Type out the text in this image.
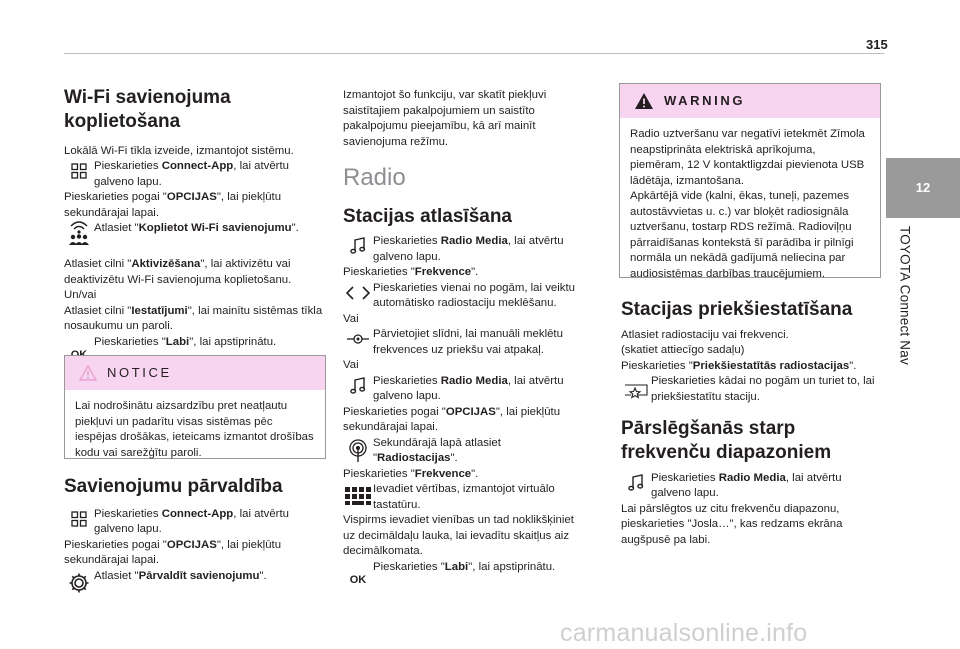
315
12
TOYOTA Connect Nav
Wi-Fi savienojuma
koplietošana

Lokālā Wi-Fi tīkla izveide, izmantojot sistēmu.

Pieskarieties Connect-App, lai atvērtu galveno lapu.

Pieskarieties pogai "OPCIJAS", lai piekļūtu sekundārajai lapai.

Atlasiet "Koplietot Wi-Fi savienojumu".

Atlasiet cilni "Aktivizēšana", lai aktivizētu vai deaktivizētu Wi-Fi savienojuma koplietošanu.

Un/vai

Atlasiet cilni "Iestatījumi", lai mainītu sistēmas tīkla nosaukumu un paroli.

Pieskarieties "Labi", lai apstiprinātu.

NOTICE
Lai nodrošinātu aizsardzību pret neatļautu piekļuvi un padarītu visas sistēmas pēc iespējas drošākas, ieteicams izmantot drošības kodu vai sarežģītu paroli.
Savienojumu pārvaldība

Pieskarieties Connect-App, lai atvērtu galveno lapu.

Pieskarieties pogai "OPCIJAS", lai piekļūtu sekundārajai lapai.

Atlasiet "Pārvaldīt savienojumu".

Izmantojot šo funkciju, var skatīt piekļuvi saistītajiem pakalpojumiem un saistīto pakalpojumu pieejamību, kā arī mainīt savienojuma režīmu.

Radio
Stacijas atlasīšana

Pieskarieties Radio Media, lai atvērtu galveno lapu.

Pieskarieties "Frekvence".

Pieskarieties vienai no pogām, lai veiktu automātisko radiostaciju meklēšanu.

Vai

Pārvietojiet slīdni, lai manuāli meklētu frekvences uz priekšu vai atpakaļ.

Vai

Pieskarieties Radio Media, lai atvērtu galveno lapu.

Pieskarieties pogai "OPCIJAS", lai piekļūtu sekundārajai lapai.

Sekundārajā lapā atlasiet "Radiostacijas".

Pieskarieties "Frekvence".

Ievadiet vērtības, izmantojot virtuālo tastatūru.

Vispirms ievadiet vienības un tad noklikšķiniet uz decimāldaļu lauka, lai ievadītu skaitļus aiz decimālkomata.

OK

Pieskarieties "Labi", lai apstiprinātu.

WARNING

Radio uztveršanu var negatīvi ietekmēt Zīmola neapstiprināta elektriskā aprīkojuma, piemēram, 12 V kontaktligzdai pievienota USB lādētāja, izmantošana.

Apkārtējā vide (kalni, ēkas, tuneļi, pazemes autostāvvietas u. c.) var bloķēt radiosignāla uztveršanu, tostarp RDS režīmā. Radioviļņu pārraidīšanas kontekstā šī parādība ir pilnīgi normāla un nekādā gadījumā neliecina par audiosistēmas darbības traucējumiem.

Stacijas priekšiestatīšana

Atlasiet radiostaciju vai frekvenci.

(skatiet attiecīgo sadaļu)

Pieskarieties "Priekšiestatītās radiostacijas".

Pieskarieties kādai no pogām un turiet to, lai priekšiestatītu staciju.

Pārslēgšanās starp
frekvenču diapazoniem

Pieskarieties Radio Media, lai atvērtu galveno lapu.

Lai pārslēgtos uz citu frekvenču diapazonu, pieskarieties "Josla…", kas redzams ekrāna augšpusē pa labi.

carmanualsonline.info
